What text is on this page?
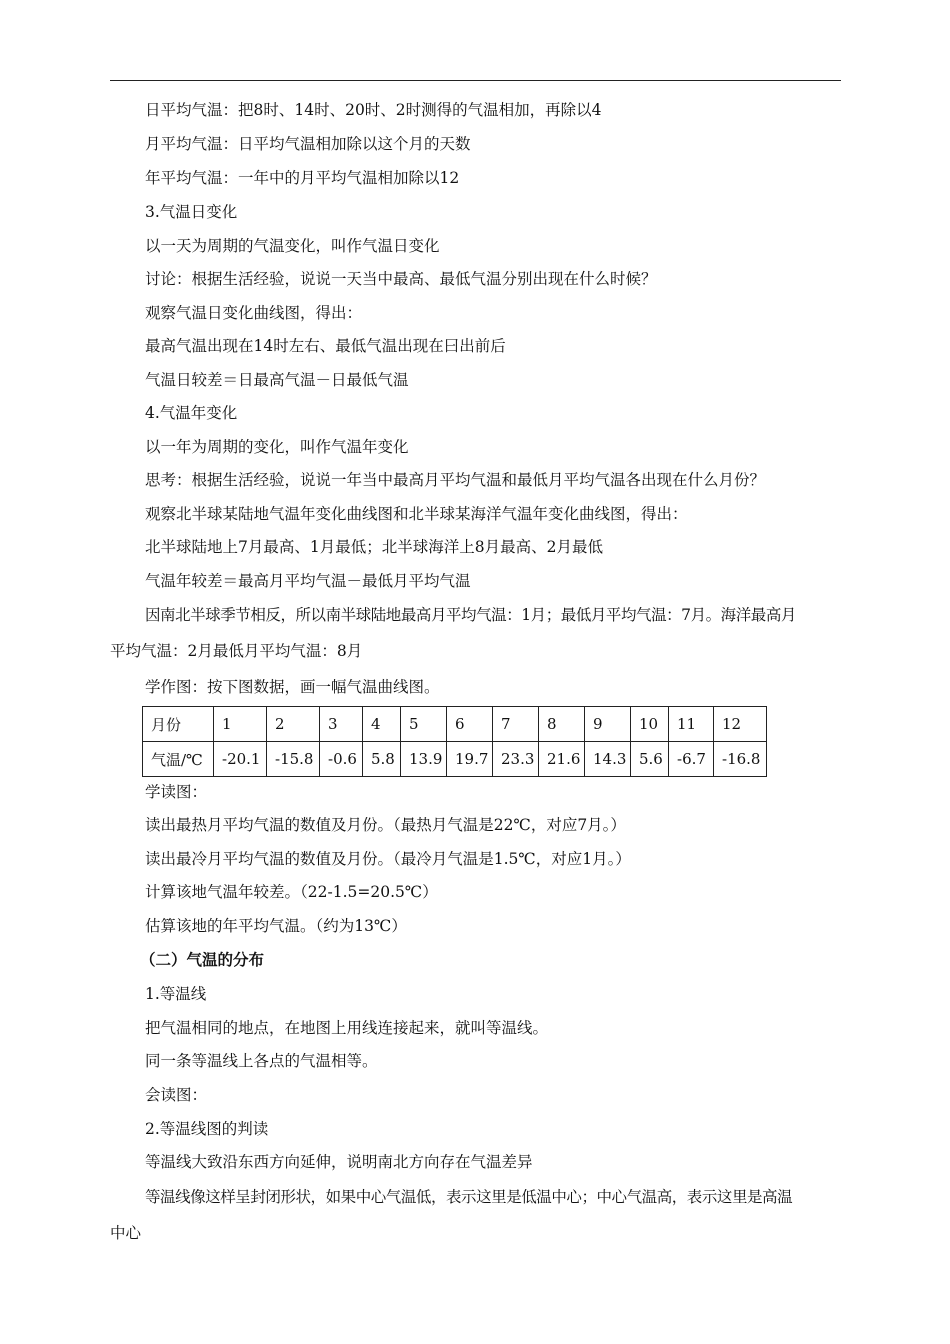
日平均气温：把8时、14时、20时、2时测得的气温相加，再除以4
月平均气温：日平均气温相加除以这个月的天数
年平均气温：一年中的月平均气温相加除以12
3.气温日变化
以一天为周期的气温变化，叫作气温日变化
讨论：根据生活经验，说说一天当中最高、最低气温分别出现在什么时候？
观察气温日变化曲线图，得出：
最高气温出现在14时左右、最低气温出现在曰出前后
气温日较差＝日最高气温－日最低气温
4.气温年变化
以一年为周期的变化，叫作气温年变化
思考：根据生活经验，说说一年当中最高月平均气温和最低月平均气温各出现在什么月份？
观察北半球某陆地气温年变化曲线图和北半球某海洋气温年变化曲线图，得出：
北半球陆地上7月最高、1月最低；北半球海洋上8月最高、2月最低
气温年较差＝最高月平均气温－最低月平均气温
因南北半球季节相反，所以南半球陆地最高月平均气温：1月；最低月平均气温：7月。海洋最高月
平均气温：2月最低月平均气温：8月
学作图：按下图数据，画一幅气温曲线图。
月份	1	2	3	4	5	6	7	8	9	10	11	12
气温/℃	-20.1	-15.8	-0.6	5.8	13.9	19.7	23.3	21.6	14.3	5.6	-6.7	-16.8
学读图：
读出最热月平均气温的数值及月份。（最热月气温是22℃，对应7月。）
读出最冷月平均气温的数值及月份。（最冷月气温是1.5℃，对应1月。）
计算该地气温年较差。（22-1.5=20.5℃）
估算该地的年平均气温。（约为13℃）
（二）气温的分布
1.等温线
把气温相同的地点，在地图上用线连接起来，就叫等温线。
同一条等温线上各点的气温相等。
会读图：
2.等温线图的判读
等温线大致沿东西方向延伸，说明南北方向存在气温差异
等温线像这样呈封闭形状，如果中心气温低，表示这里是低温中心；中心气温高，表示这里是高温
中心
